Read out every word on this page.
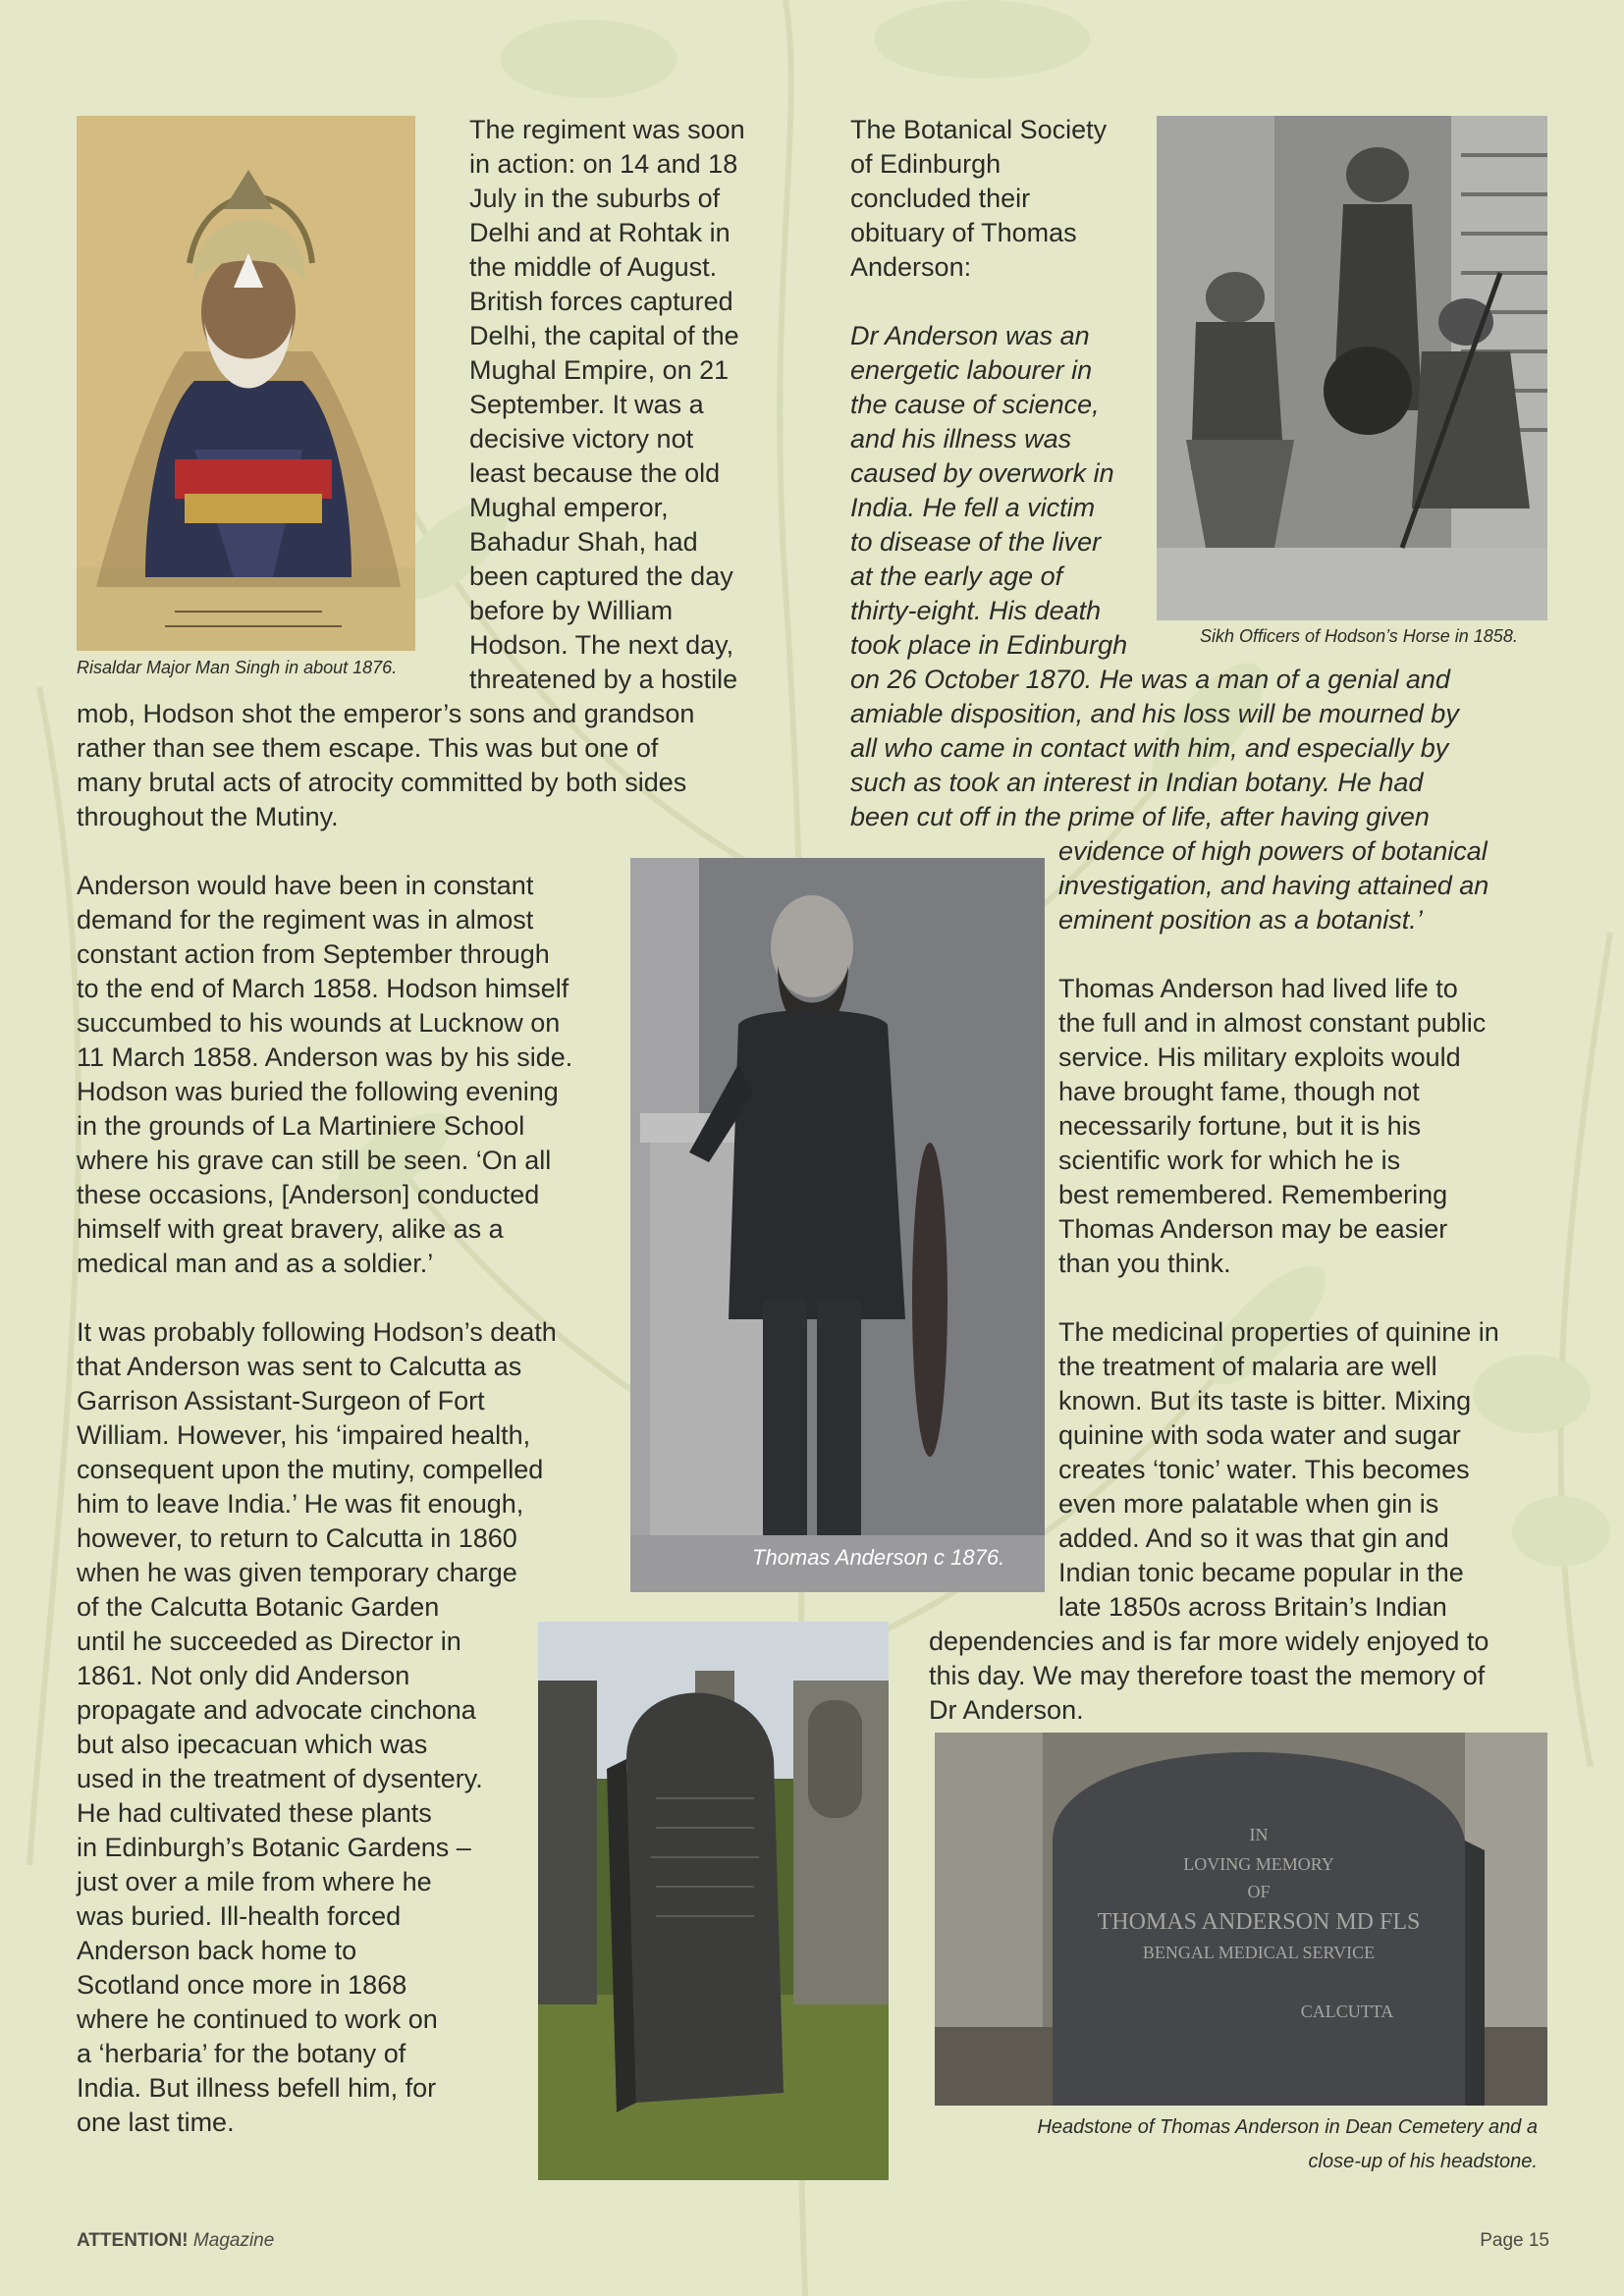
Risaldar Major Man Singh in about 1876.

The regiment was soon
in action: on 14 and 18
July in the suburbs of
Delhi and at Rohtak in
the middle of August.
British forces captured
Delhi, the capital of the
Mughal Empire, on 21
September. It was a
decisive victory not
least because the old
Mughal emperor,
Bahadur Shah, had
been captured the day
before by William
Hodson. The next day,
threatened by a hostile

mob, Hodson shot the emperor’s sons and grandson
rather than see them escape. This was but one of
many brutal acts of atrocity committed by both sides
throughout the Mutiny.

Anderson would have been in constant
demand for the regiment was in almost
constant action from September through
to the end of March 1858. Hodson himself
succumbed to his wounds at Lucknow on
11 March 1858. Anderson was by his side.
Hodson was buried the following evening
in the grounds of La Martiniere School
where his grave can still be seen. ‘On all
these occasions, [Anderson] conducted
himself with great bravery, alike as a
medical man and as a soldier.’

It was probably following Hodson’s death
that Anderson was sent to Calcutta as
Garrison Assistant-Surgeon of Fort
William. However, his ‘impaired health,
consequent upon the mutiny, compelled
him to leave India.’ He was fit enough,
however, to return to Calcutta in 1860
when he was given temporary charge
of the Calcutta Botanic Garden
until he succeeded as Director in
1861. Not only did Anderson
propagate and advocate cinchona
but also ipecacuan which was
used in the treatment of dysentery.
He had cultivated these plants
in Edinburgh’s Botanic Gardens –
just over a mile from where he
was buried. Ill-health forced
Anderson back home to
Scotland once more in 1868
where he continued to work on
a ‘herbaria’ for the botany of
India. But illness befell him, for
one last time.

The Botanical Society
of Edinburgh
concluded their
obituary of Thomas
Anderson:

Dr Anderson was an
energetic labourer in
the cause of science,
and his illness was
caused by overwork in
India. He fell a victim
to disease of the liver
at the early age of
thirty-eight. His death
took place in Edinburgh

on 26 October 1870. He was a man of a genial and
amiable disposition, and his loss will be mourned by
all who came in contact with him, and especially by
such as took an interest in Indian botany. He had
been cut off in the prime of life, after having given

evidence of high powers of botanical
investigation, and having attained an
eminent position as a botanist.’

Thomas Anderson had lived life to
the full and in almost constant public
service. His military exploits would
have brought fame, though not
necessarily fortune, but it is his
scientific work for which he is
best remembered. Remembering
Thomas Anderson may be easier
than you think.

The medicinal properties of quinine in
the treatment of malaria are well
known. But its taste is bitter. Mixing
quinine with soda water and sugar
creates ‘tonic’ water. This becomes
even more palatable when gin is
added. And so it was that gin and
Indian tonic became popular in the
late 1850s across Britain’s Indian

dependencies and is far more widely enjoyed to
this day. We may therefore toast the memory of
Dr Anderson.

Sikh Officers of Hodson’s Horse in 1858.

Thomas Anderson c 1876.

IN
LOVING MEMORY
OF
THOMAS ANDERSON MD FLS
BENGAL MEDICAL SERVICE
CALCUTTA

Headstone of Thomas Anderson in Dean Cemetery and a
close-up of his headstone.

ATTENTION! Magazine	Page 15
